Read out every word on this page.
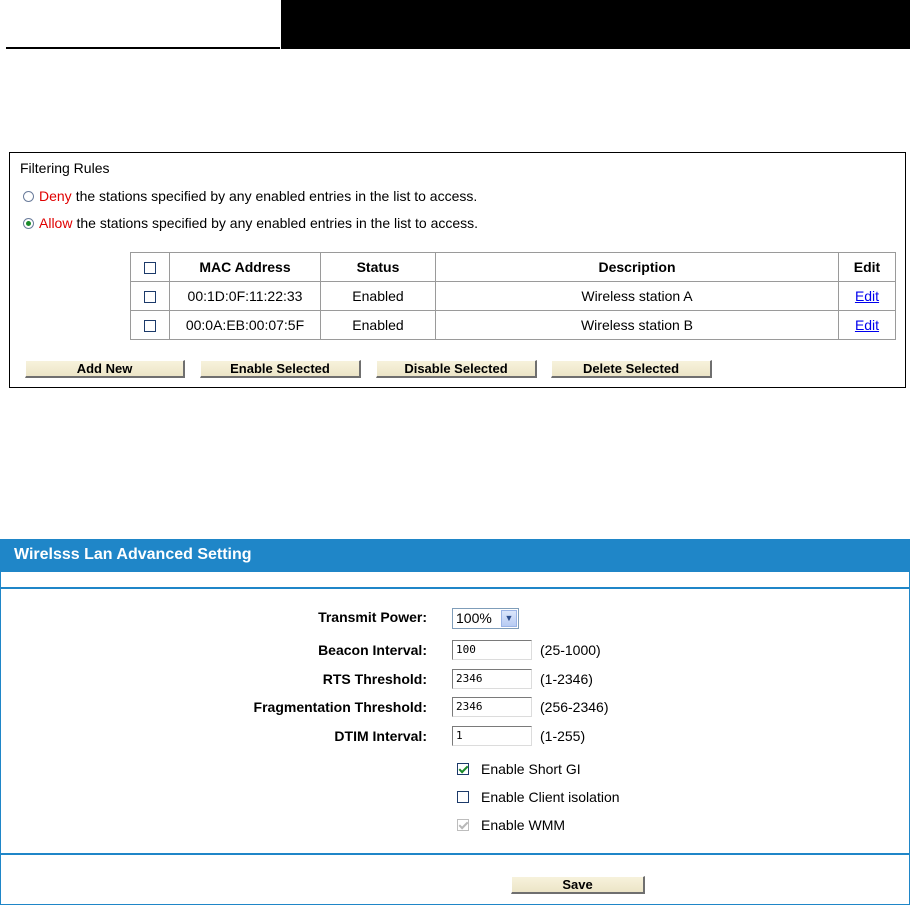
Filtering Rules
Deny the stations specified by any enabled entries in the list to access.
Allow the stations specified by any enabled entries in the list to access.
	MAC Address	Status	Description	Edit
	00:1D:0F:11:22:33	Enabled	Wireless station A	Edit
	00:0A:EB:00:07:5F	Enabled	Wireless station B	Edit
Add New	Enable Selected	Disable Selected	Delete Selected
Wirelsss Lan Advanced Setting
Transmit Power: 100%	▼
Beacon Interval:	100	(25-1000)
RTS Threshold:	2346	(1-2346)
Fragmentation Threshold:	2346	(256-2346)
DTIM Interval:	1	(1-255)
Enable Short GI
Enable Client isolation
Enable WMM
Save
